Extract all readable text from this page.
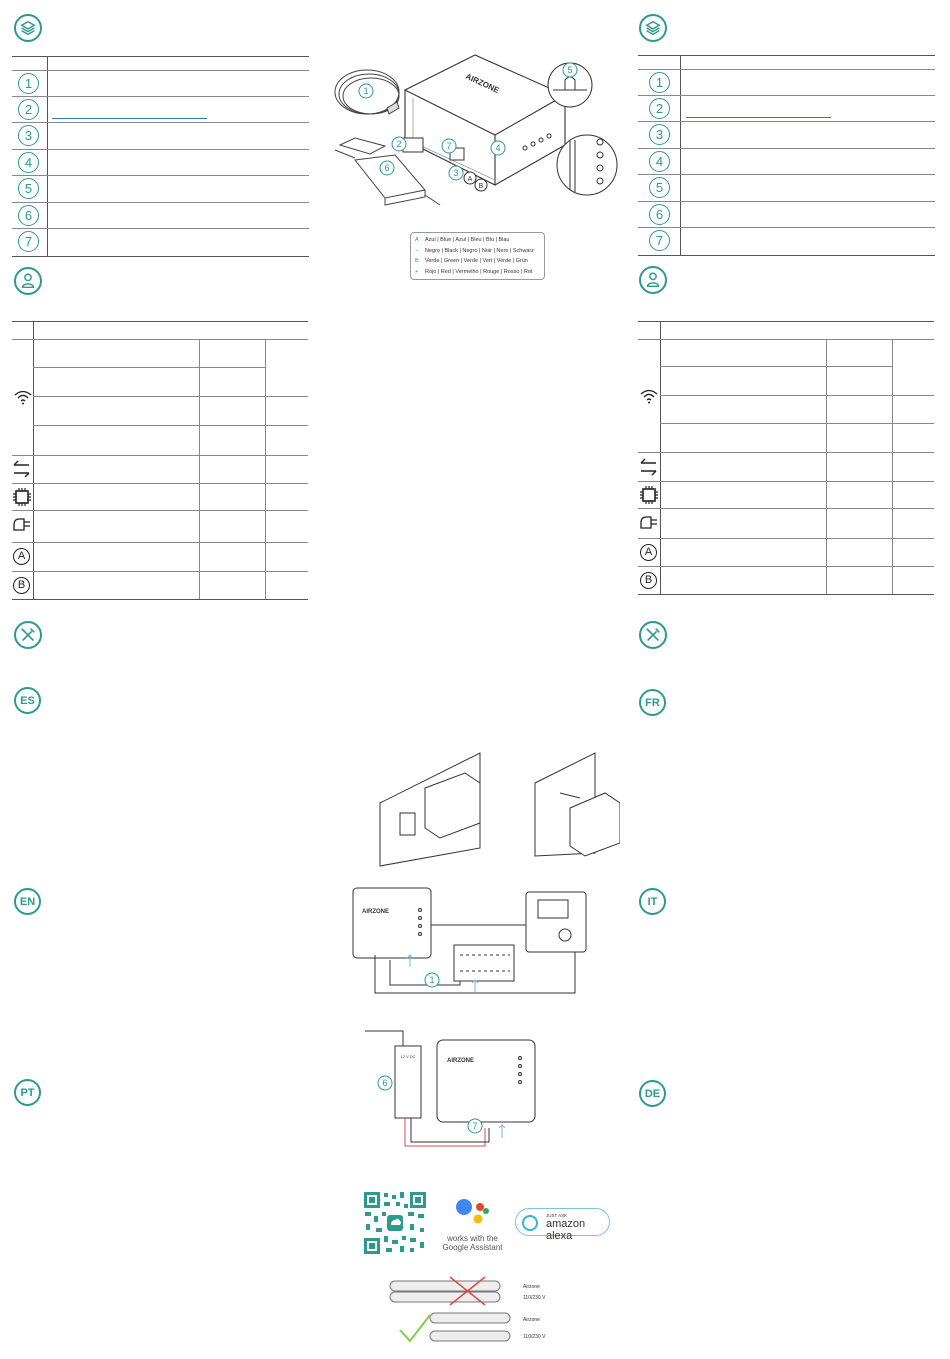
1
2
3
4
5
6
7
A
B
ES
EN
PT
1
2
3
4
5
6
7
A
B
FR
IT
DE
AIRZONE
1
2
3
4
5
6
7
A
B
A Azul | Blue | Azul | Bleu | Blu | Blau
− Negro | Black | Negro | Noir | Nero | Schwarz
B Verde | Green | Verde | Vert | Verde | Grün
+ Rojo | Red | Vermelho | Rouge | Rosso | Rot
AIRZONE
1
12 V DC
AIRZONE
7
6
works with the
Google Assistant
JUST ASK
amazon alexa
Airzone
110/230 V
Airzone
110/230 V
